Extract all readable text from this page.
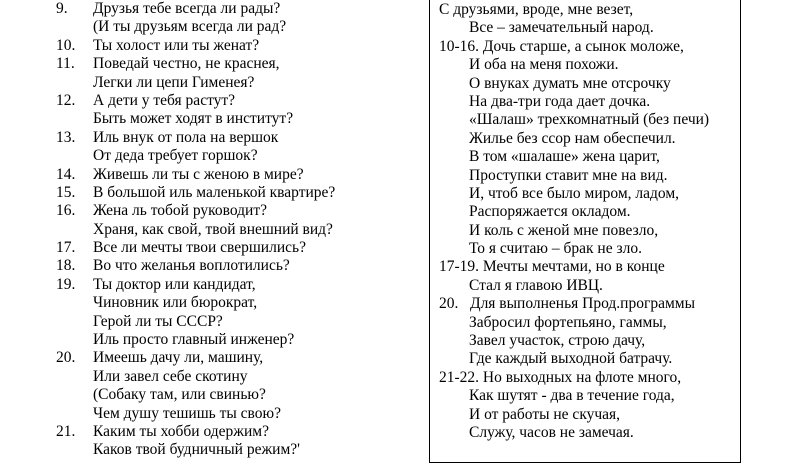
9. Друзья тебе всегда ли рады?
(И ты друзьям всегда ли рад?
10. Ты холост или ты женат?
11. Поведай честно, не краснея,
Легки ли цепи Гименея?
12. А дети у тебя растут?
Быть может ходят в институт?
13. Иль внук от пола на вершок
От деда требует горшок?
14. Живешь ли ты с женою в мире?
15. В большой иль маленькой квартире?
16. Жена ль тобой руководит?
Храня, как свой, твой внешний вид?
17. Все ли мечты твои свершились?
18. Во что желанья воплотились?
19. Ты доктор или кандидат,
Чиновник или бюрократ,
Герой ли ты СССР?
Иль просто главный инженер?
20. Имеешь дачу ли, машину,
Или завел себе скотину
(Собаку там, или свинью?
Чем душу тешишь ты свою?
21. Каким ты хобби одержим?
Каков твой будничный режим?'
С друзьями, вроде, мне везет,
Все – замечательный народ.
10-16. Дочь старше, а сынок моложе,
И оба на меня похожи.
О внуках думать мне отсрочку
На два-три года дает дочка.
«Шалаш» трехкомнатный (без печи)
Жилье без ссор нам обеспечил.
В том «шалаше» жена царит,
Проступки ставит мне на вид.
И, чтоб все было миром, ладом,
Распоряжается окладом.
И коль с женой мне повезло,
То я считаю – брак не зло.
17-19. Мечты мечтами, но в конце
Стал я главою ИВЦ.
20.   Для выполненья Прод.программы
Забросил фортепьяно, гаммы,
Завел участок, строю дачу,
Где каждый выходной батрачу.
21-22. Но выходных на флоте много,
Как шутят - два в течение года,
И от работы не скучая,
Служу, часов не замечая.
